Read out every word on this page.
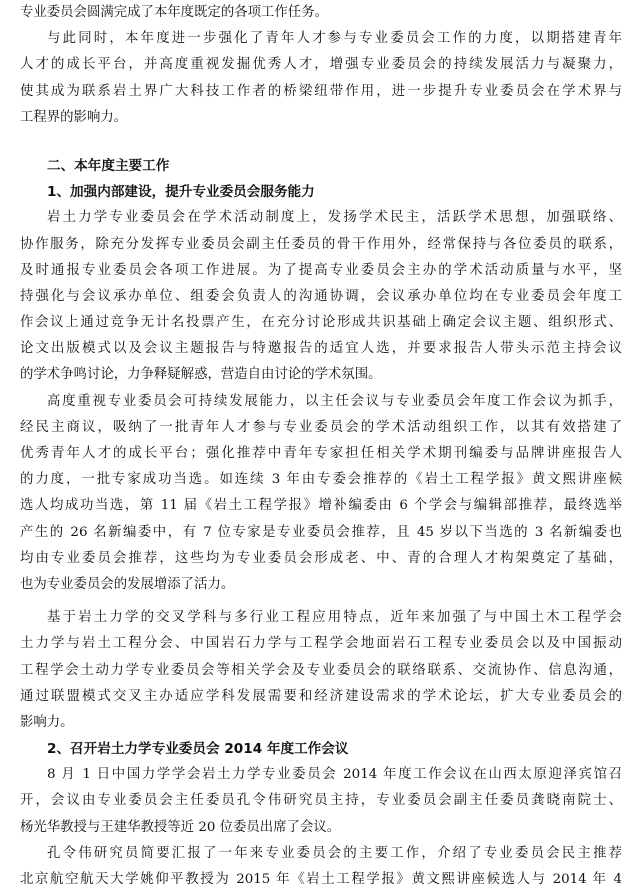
专业委员会圆满完成了本年度既定的各项工作任务。
与此同时，本年度进一步强化了青年人才参与专业委员会工作的力度，以期搭建青年
人才的成长平台，并高度重视发掘优秀人才，增强专业委员会的持续发展活力与凝聚力，
使其成为联系岩土界广大科技工作者的桥梁纽带作用，进一步提升专业委员会在学术界与
工程界的影响力。
二、本年度主要工作
1、加强内部建设，提升专业委员会服务能力
岩土力学专业委员会在学术活动制度上，发扬学术民主，活跃学术思想，加强联络、
协作服务，除充分发挥专业委员会副主任委员的骨干作用外，经常保持与各位委员的联系，
及时通报专业委员会各项工作进展。为了提高专业委员会主办的学术活动质量与水平，坚
持强化与会议承办单位、组委会负责人的沟通协调，会议承办单位均在专业委员会年度工
作会议上通过竞争无计名投票产生，在充分讨论形成共识基础上确定会议主题、组织形式、
论文出版模式以及会议主题报告与特邀报告的适宜人选，并要求报告人带头示范主持会议
的学术争鸣讨论，力争释疑解惑，营造自由讨论的学术氛围。
高度重视专业委员会可持续发展能力，以主任会议与专业委员会年度工作会议为抓手，
经民主商议，吸纳了一批青年人才参与专业委员会的学术活动组织工作，以其有效搭建了
优秀青年人才的成长平台；强化推荐中青年专家担任相关学术期刊编委与品牌讲座报告人
的力度，一批专家成功当选。如连续 3 年由专委会推荐的《岩土工程学报》黄文熙讲座候
选人均成功当选，第 11 届《岩土工程学报》增补编委由 6 个学会与编辑部推荐，最终选举
产生的 26 名新编委中，有 7 位专家是专业委员会推荐，且 45 岁以下当选的 3 名新编委也
均由专业委员会推荐，这些均为专业委员会形成老、中、青的合理人才构架奠定了基础，
也为专业委员会的发展增添了活力。
基于岩土力学的交叉学科与多行业工程应用特点，近年来加强了与中国土木工程学会
土力学与岩土工程分会、中国岩石力学与工程学会地面岩石工程专业委员会以及中国振动
工程学会土动力学专业委员会等相关学会及专业委员会的联络联系、交流协作、信息沟通，
通过联盟模式交叉主办适应学科发展需要和经济建设需求的学术论坛，扩大专业委员会的
影响力。
2、召开岩土力学专业委员会 2014 年度工作会议
8 月 1 日中国力学学会岩土力学专业委员会 2014 年度工作会议在山西太原迎泽宾馆召
开，会议由专业委员会主任委员孔令伟研究员主持，专业委员会副主任委员龚晓南院士、
杨光华教授与王建华教授等近 20 位委员出席了会议。
孔令伟研究员简要汇报了一年来专业委员会的主要工作，介绍了专业委员会民主推荐
北京航空航天大学姚仰平教授为 2015 年《岩土工程学报》黄文熙讲座候选人与 2014 年 4
